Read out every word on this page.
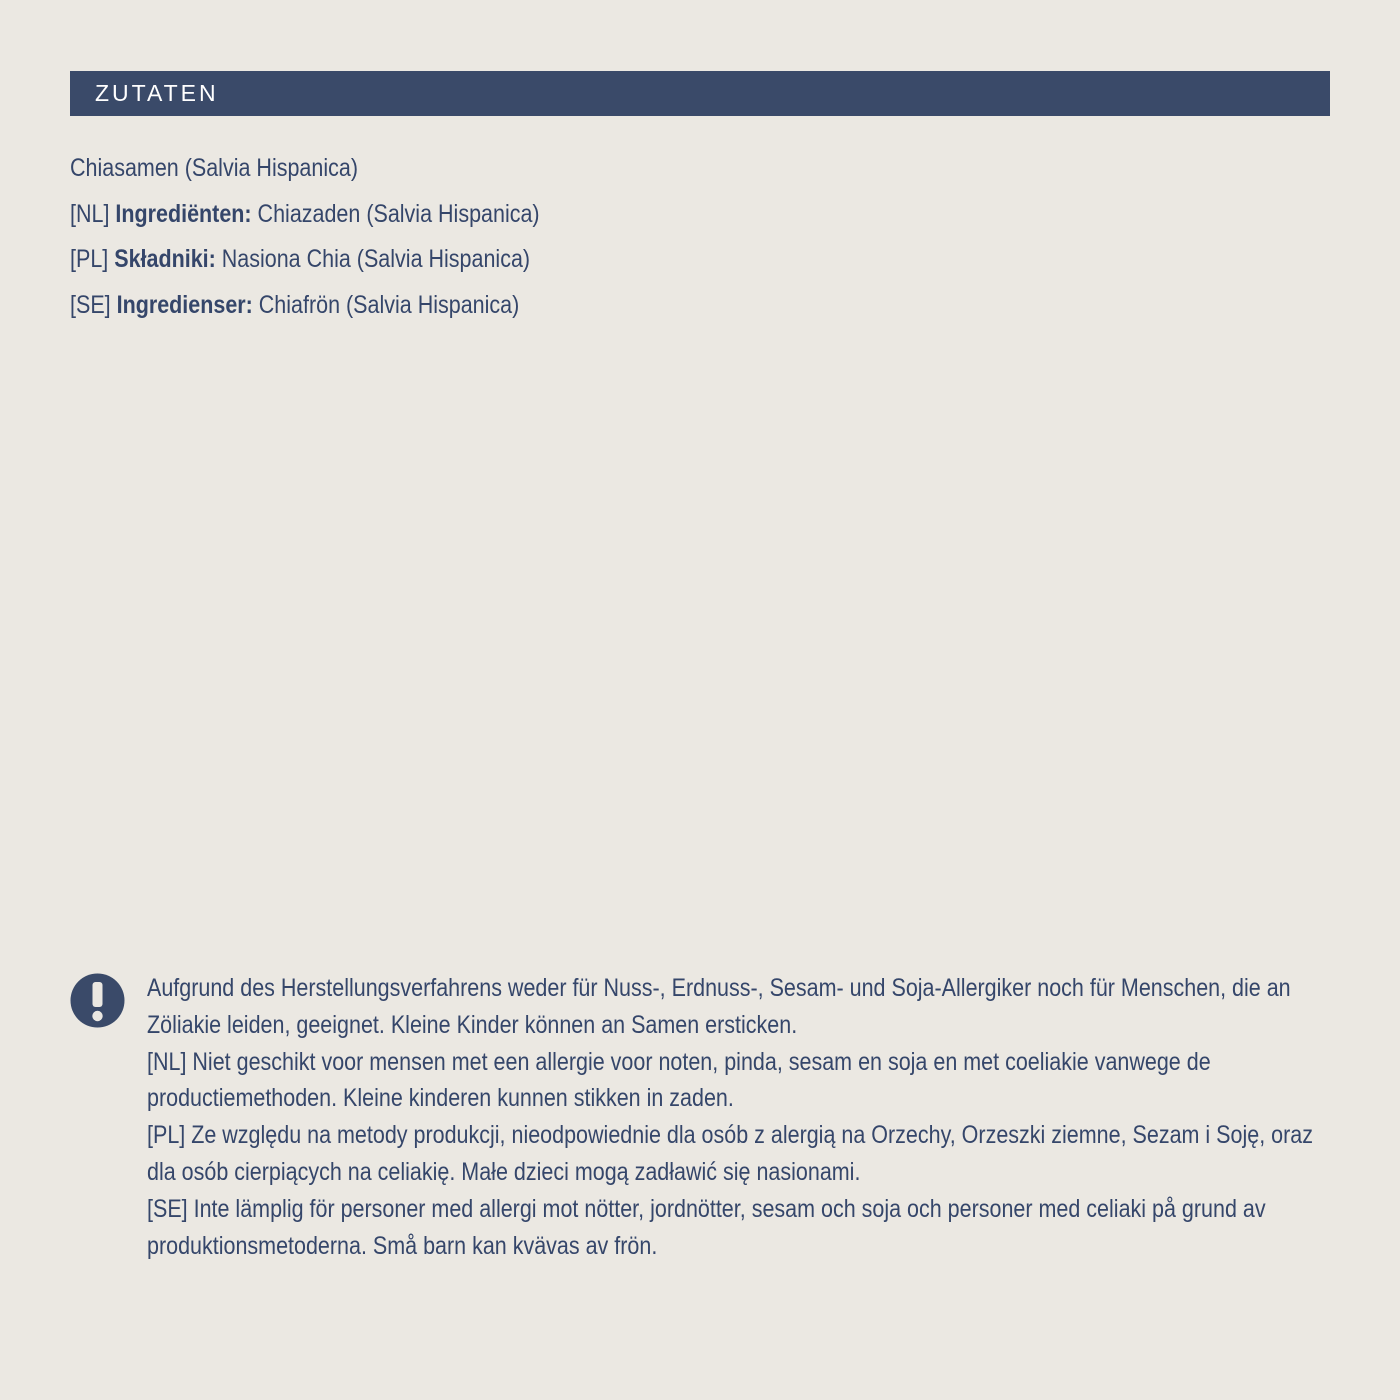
ZUTATEN
Chiasamen (Salvia Hispanica)
[NL] Ingrediënten: Chiazaden (Salvia Hispanica)
[PL] Składniki: Nasiona Chia (Salvia Hispanica)
[SE] Ingredienser: Chiafrön (Salvia Hispanica)
Aufgrund des Herstellungsverfahrens weder für Nuss-, Erdnuss-, Sesam- und Soja-Allergiker noch für Menschen, die an
Zöliakie leiden, geeignet. Kleine Kinder können an Samen ersticken.
[NL] Niet geschikt voor mensen met een allergie voor noten, pinda, sesam en soja en met coeliakie vanwege de
productiemethoden. Kleine kinderen kunnen stikken in zaden.
[PL] Ze względu na metody produkcji, nieodpowiednie dla osób z alergią na Orzechy, Orzeszki ziemne, Sezam i Soję, oraz
dla osób cierpiących na celiakię. Małe dzieci mogą zadławić się nasionami.
[SE] Inte lämplig för personer med allergi mot nötter, jordnötter, sesam och soja och personer med celiaki på grund av
produktionsmetoderna. Små barn kan kvävas av frön.
